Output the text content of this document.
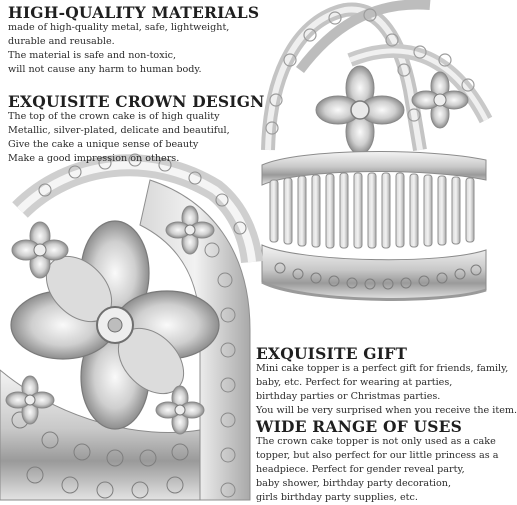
HIGH-QUALITY MATERIALS
made of high-quality metal, safe, lightweight,
durable and reusable.
The material is safe and non-toxic,
will not cause any harm to human body.
EXQUISITE CROWN DESIGN
The top of the crown cake is of high quality
Metallic, silver-plated, delicate and beautiful,
Give the cake a unique sense of beauty
Make a good impression on others.
EXQUISITE GIFT
Mini cake topper is a perfect gift for friends, family,
baby, etc. Perfect for wearing at parties,
birthday parties or Christmas parties.
You will be very surprised when you receive the item.
WIDE RANGE OF USES
The crown cake topper is not only used as a cake
topper, but also perfect for our little princess as a
headpiece. Perfect for gender reveal party,
baby shower, birthday party decoration,
girls birthday party supplies, etc.
